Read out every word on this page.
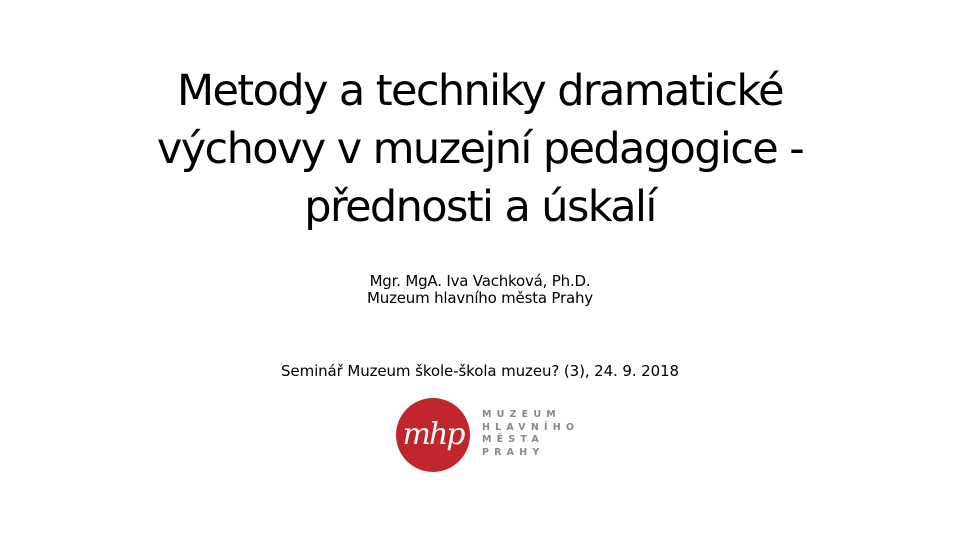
Metody a techniky dramatické
výchovy v muzejní pedagogice -
přednosti a úskalí
Mgr. MgA. Iva Vachková, Ph.D.
Muzeum hlavního města Prahy
Seminář Muzeum škole-škola muzeu? (3), 24. 9. 2018
mhp
MUZEUM
HLAVNÍHO
MĚSTA
PRAHY
